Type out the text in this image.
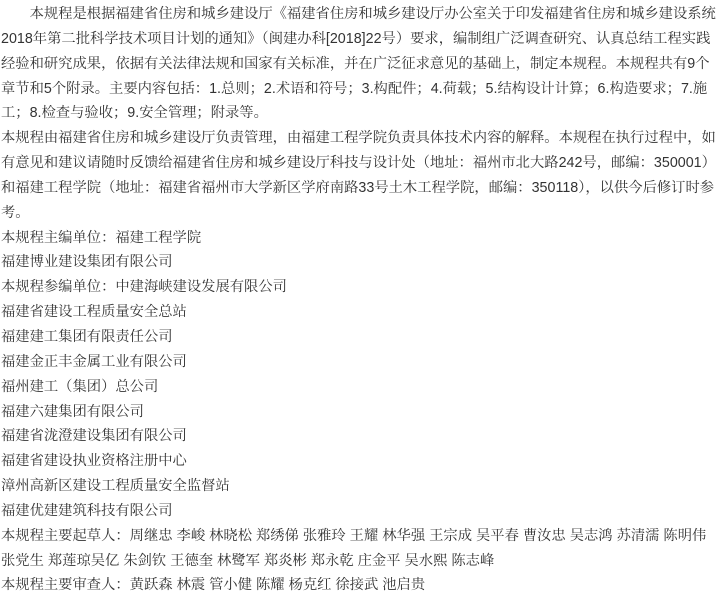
本规程是根据福建省住房和城乡建设厅《福建省住房和城乡建设厅办公室关于印发福建省住房和城乡建设系统2018年第二批科学技术项目计划的通知》（闽建办科[2018]22号）要求，编制组广泛调查研究、认真总结工程实践经验和研究成果，依据有关法律法规和国家有关标准，并在广泛征求意见的基础上，制定本规程。本规程共有9个章节和5个附录。主要内容包括：1.总则；2.术语和符号；3.构配件；4.荷载；5.结构设计计算；6.构造要求；7.施工；8.检查与验收；9.安全管理；附录等。

本规程由福建省住房和城乡建设厅负责管理，由福建工程学院负责具体技术内容的解释。本规程在执行过程中，如有意见和建议请随时反馈给福建省住房和城乡建设厅科技与设计处（地址：福州市北大路242号，邮编：350001）和福建工程学院（地址：福建省福州市大学新区学府南路33号土木工程学院，邮编：350118），以供今后修订时参考。

本规程主编单位：福建工程学院

福建博业建设集团有限公司

本规程参编单位：中建海峡建设发展有限公司

福建省建设工程质量安全总站

福建建工集团有限责任公司

福建金正丰金属工业有限公司

福州建工（集团）总公司

福建六建集团有限公司

福建省泷澄建设集团有限公司

福建省建设执业资格注册中心

漳州高新区建设工程质量安全监督站

福建优建建筑科技有限公司

本规程主要起草人：周继忠 李峻 林晓松 郑绣俤 张雅玲 王耀 林华强 王宗成 吴平春 曹汝忠 吴志鸿 苏清濡 陈明伟 张党生 郑莲琼吴亿 朱剑钦 王德奎 林鹭军 郑炎彬 郑永乾 庄金平 吴水熙 陈志峰

本规程主要审查人：黄跃森 林震 管小健 陈耀 杨克红 徐接武 池启贵
